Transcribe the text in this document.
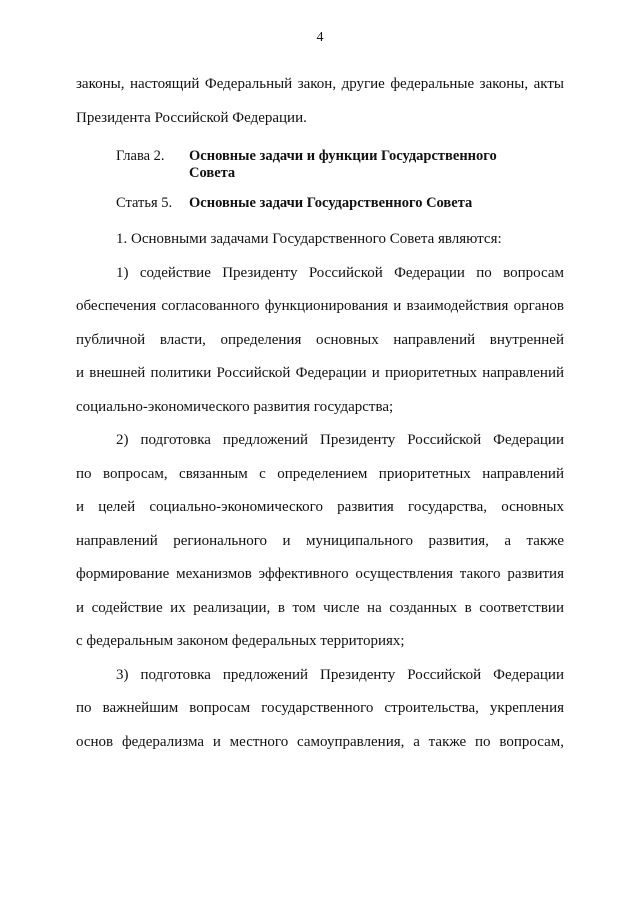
4
законы, настоящий Федеральный закон, другие федеральные законы, акты
Президента Российской Федерации.
Глава 2. Основные задачи и функции Государственного
Совета
Статья 5. Основные задачи Государственного Совета
1. Основными задачами Государственного Совета являются:
1) содействие Президенту Российской Федерации по вопросам
обеспечения согласованного функционирования и взаимодействия органов
публичной власти, определения основных направлений внутренней
и внешней политики Российской Федерации и приоритетных направлений
социально-экономического развития государства;
2) подготовка предложений Президенту Российской Федерации
по вопросам, связанным с определением приоритетных направлений
и целей социально-экономического развития государства, основных
направлений регионального и муниципального развития, а также
формирование механизмов эффективного осуществления такого развития
и содействие их реализации, в том числе на созданных в соответствии
с федеральным законом федеральных территориях;
3) подготовка предложений Президенту Российской Федерации
по важнейшим вопросам государственного строительства, укрепления
основ федерализма и местного самоуправления, а также по вопросам,
